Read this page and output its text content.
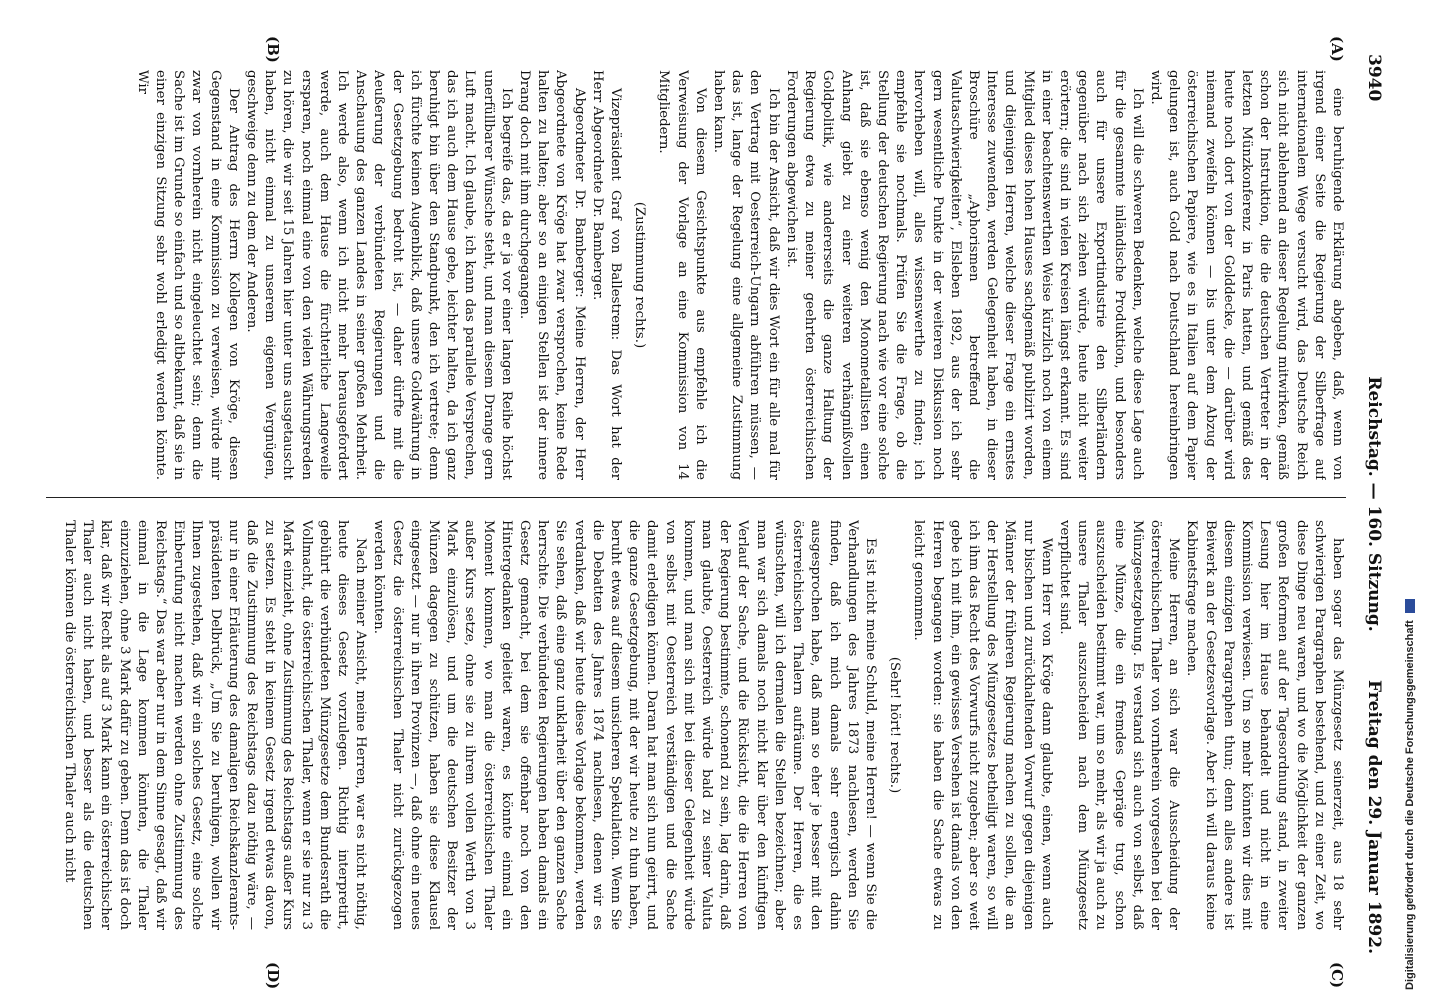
3940
Reichstag. — 160. Sitzung.
Freitag den 29. Januar 1892.
(A)
(B)
(C)
(D)

eine beruhigende Erklärung abgeben, daß, wenn von irgend einer Seite die Regierung der Silberfrage auf internationalem Wege versucht wird, das Deutsche Reich sich nicht ablehnend an dieser Regelung mitwirken, gemäß schon der Instruktion, die die deutschen Vertreter in der letzten Münzkonferenz in Paris hatten, und gemäß des heute noch dort von der Golddecke, die — darüber wird niemand zweifeln können — bis unter dem Abzug der österreichischen Papiere, wie es in Italien auf dem Papier gelungen ist, auch Gold nach Deutschland hereinbringen wird.

Ich will die schweren Bedenken, welche diese Lage auch für die gesammte inländische Produktion, und besonders auch für unsere Exportindustrie den Silberländern gegenüber nach sich ziehen würde, heute nicht weiter erörtern; die sind in vielen Kreisen längst erkannt. Es sind in einer beachtenswerthen Weise kürzlich noch von einem Mitglied dieses hohen Hauses sachgemäß publizirt worden, und diejenigen Herren, welche dieser Frage ein ernstes Interesse zuwenden, werden Gelegenheit haben, in dieser Broschüre „Aphorismen betreffend die Valutaschwierigkeiten“, Elsleben 1892, aus der ich sehr gern wesentliche Punkte in der weiteren Diskussion noch hervorheben will, alles wissenswerthe zu finden; ich empfehle sie nochmals. Prüfen Sie die Frage, ob die Stellung der deutschen Regierung nach wie vor eine solche ist, daß sie ebenso wenig den Monometallisten einen Anhang giebt zu einer weiteren verhängnißvollen Goldpolitik, wie andererseits die ganze Haltung der Regierung etwa zu meiner geehrten österreichischen Forderungen abgewichen ist.

Ich bin der Ansicht, daß wir dies Wort ein für alle mal für den Vertrag mit Oesterreich-Ungarn abführen müssen, — das ist, lange der Regelung eine allgemeine Zustimmung haben kann.

Von diesem Gesichtspunkte aus empfehle ich die Verweisung der Vorlage an eine Kommission von 14 Mitgliedern.

(Zustimmung rechts.)

Vizepräsident Graf von Ballestrem: Das Wort hat der Herr Abgeordnete Dr. Bamberger.

Abgeordneter Dr. Bamberger: Meine Herren, der Herr Abgeordnete von Kröge hat zwar versprochen, keine Rede halten zu halten; aber so an einigen Stellen ist der innere Drang doch mit ihm durchgegangen.

Ich begreife das, da er ja vor einer langen Reihe höchst unerfüllbarer Wünsche steht, und man diesem Drange gern Luft macht. Ich glaube, ich kann das parallele Versprechen, das ich auch dem Hause gebe, leichter halten, da ich ganz beruhigt bin über den Standpunkt, den ich vertrete; denn ich fürchte keinen Augenblick, daß unsere Goldwährung in der Gesetzgebung bedroht ist, — daher dürfte mit die Aeußerung der verbündeten Regierungen und die Anschauung des ganzen Landes in seiner großen Mehrheit. Ich werde also, wenn ich nicht mehr herausgefordert werde, auch dem Hause die fürchterliche Langeweile ersparen, noch einmal eine von den vielen Währungsreden zu hören, die wir seit 15 Jahren hier unter uns ausgetauscht haben, nicht einmal zu unserem eigenen Vergnügen, geschweige denn zu dem der Anderen.

Der Antrag des Herrn Kollegen von Kröge, diesen Gegenstand in eine Kommission zu verweisen, würde mir zwar von vornherein nicht eingeleuchtet sein; denn die Sache ist im Grunde so einfach und so altbekannt, daß sie in einer einzigen Sitzung sehr wohl erledigt werden könnte. Wir

haben sogar das Münzgesetz seinerzeit, aus 18 sehr schwierigen Paragraphen bestehend, und zu einer Zeit, wo diese Dinge neu waren, und wo die Möglichkeit der ganzen großen Reformen auf der Tagesordnung stand, in zweiter Lesung hier im Hause behandelt und nicht in eine Kommission verwiesen. Um so mehr könnten wir dies mit diesem einzigen Paragraphen thun; denn alles andere ist Beiwerk an der Gesetzesvorlage. Aber ich will daraus keine Kabinetsfrage machen.

Meine Herren, an sich war die Ausscheidung der österreichischen Thaler von vornherein vorgesehen bei der Münzgesetzgebung. Es verstand sich auch von selbst, daß eine Münze, die ein fremdes Gepräge trug, schon auszuscheiden bestimmt war, um so mehr, als wir ja auch zu unsere Thaler auszuscheiden nach dem Münzgesetz verpflichtet sind.

Wenn Herr von Kröge dann glaubte, einen, wenn auch nur bischen und zurückhaltenden Vorwurf gegen diejenigen Männer der früheren Regierung machen zu sollen, die an der Herstellung des Münzgesetzes betheiligt waren, so will ich ihm das Recht des Vorwurfs nicht zugeben; aber so weit gebe ich mit ihm, ein gewisses Versehen ist damals von den Herren begangen worden: sie haben die Sache etwas zu leicht genommen.

(Sehr! hört! rechts.)

Es ist nicht meine Schuld, meine Herren! — wenn Sie die Verhandlungen des Jahres 1873 nachlesen, werden Sie finden, daß ich mich damals sehr energisch dahin ausgesprochen habe, daß man so eher je besser mit den österreichischen Thalern aufräume. Der Herren, die es wünschten, will ich dermalen die Stellen bezeichnen; aber man war sich damals noch nicht klar über den künftigen Verlauf der Sache, und die Rücksicht, die die Herren von der Regierung bestimmte, schonend zu sein, lag darin, daß man glaubte, Oesterreich würde bald zu seiner Valuta kommen, und man sich mit bei dieser Gelegenheit würde von selbst mit Oesterreich verständigen und die Sache damit erledigen können. Daran hat man sich nun geirrt, und die ganze Gesetzgebung, mit der wir heute zu thun haben, beruht etwas auf diesem unsicheren Spekulation. Wenn Sie die Debatten des Jahres 1874 nachlesen, denen wir es verdanken, daß wir heute diese Vorlage bekommen, werden Sie sehen, daß eine ganz unklarheit über den ganzen Sache herrschte. Die verbündeten Regierungen haben damals ein Gesetz gemacht, bei dem sie offenbar noch von den Hintergedanken geleitet waren, es könnte einmal ein Moment kommen, wo man die österreichischen Thaler außer Kurs setze, ohne sie zu ihrem vollen Werth von 3 Mark einzulösen, und um die deutschen Besitzer der Münzen dagegen zu schützen, haben sie diese Klausel eingesetzt — nur in ihren Provinzen —, daß ohne ein neues Gesetz die österreichischen Thaler nicht zurückgezogen werden könnten.

Nach meiner Ansicht, meine Herren, war es nicht nöthig, heute dieses Gesetz vorzulegen. Richtig interpretirt, gebührt die verbündeten Münzgesetze dem Bundesrath die Vollmacht, die österreichischen Thaler, wenn er sie nur zu 3 Mark einzieht, ohne Zustimmung des Reichstags außer Kurs zu setzen. Es steht in keinem Gesetz irgend etwas davon, daß die Zustimmung des Reichstags dazu nöthig wäre, — nur in einer Erläuterung des damaligen Reichskanzleramts-präsidenten Delbrück, „Um Sie zu beruhigen, wollen wir Ihnen zugestehen, daß wir ein solches Gesetz, eine solche Einberufung nicht machen werden ohne Zustimmung des Reichstags.“ Das war aber nur in dem Sinne gesagt, daß wir einmal in die Lage kommen könnten, die Thaler einzuziehen, ohne 3 Mark dafür zu geben. Denn das ist doch klar, daß wir Recht als auf 3 Mark kann ein österreichischer Thaler auch nicht haben, und besser als die deutschen Thaler können die österreichischen Thaler auch nicht	Digitalisierung gefördert durch die Deutsche Forschungsgemeinschaft
